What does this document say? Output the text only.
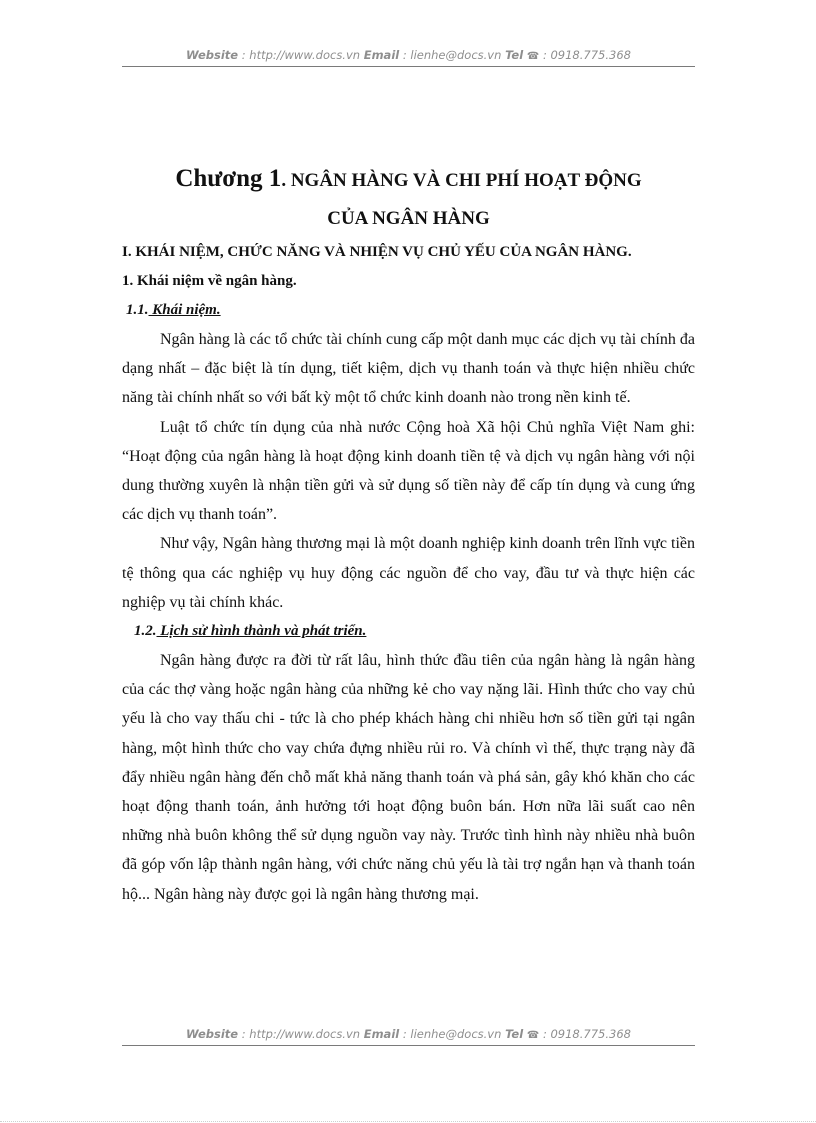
Website : http://www.docs.vn Email : lienhe@docs.vn Tel ☎ : 0918.775.368
Chương 1. NGÂN HÀNG VÀ CHI PHÍ HOẠT ĐỘNG
CỦA NGÂN HÀNG

I. KHÁI NIỆM, CHỨC NĂNG VÀ NHIỆN VỤ CHỦ YẾU CỦA NGÂN HÀNG.

1. Khái niệm về ngân hàng.

1.1. Khái niệm.

Ngân hàng là các tổ chức tài chính cung cấp một danh mục các dịch vụ tài chính đa dạng nhất – đặc biệt là tín dụng, tiết kiệm, dịch vụ thanh toán và thực hiện nhiều chức năng tài chính nhất so với bất kỳ một tổ chức kinh doanh nào trong nền kinh tế.

Luật tổ chức tín dụng của nhà nước Cộng hoà Xã hội Chủ nghĩa Việt Nam ghi: “Hoạt động của ngân hàng là hoạt động kinh doanh tiền tệ và dịch vụ ngân hàng với nội dung thường xuyên là nhận tiền gửi và sử dụng số tiền này để cấp tín dụng và cung ứng các dịch vụ thanh toán”.

Như vậy, Ngân hàng thương mại là một doanh nghiệp kinh doanh trên lĩnh vực tiền tệ thông qua các nghiệp vụ huy động các nguồn để cho vay, đầu tư và thực hiện các nghiệp vụ tài chính khác.

1.2. Lịch sử hình thành và phát triển.

Ngân hàng được ra đời từ rất lâu, hình thức đầu tiên của ngân hàng là ngân hàng của các thợ vàng hoặc ngân hàng của những kẻ cho vay nặng lãi. Hình thức cho vay chủ yếu là cho vay thấu chi - tức là cho phép khách hàng chi nhiều hơn số tiền gửi tại ngân hàng, một hình thức cho vay chứa đựng nhiều rủi ro. Và chính vì thế, thực trạng này đã đẩy nhiều ngân hàng đến chỗ mất khả năng thanh toán và phá sản, gây khó khăn cho các hoạt động thanh toán, ảnh hưởng tới hoạt động buôn bán. Hơn nữa lãi suất cao nên những nhà buôn không thể sử dụng nguồn vay này. Trước tình hình này nhiều nhà buôn đã góp vốn lập thành ngân hàng, với chức năng chủ yếu là tài trợ ngắn hạn và thanh toán hộ... Ngân hàng này được gọi là ngân hàng thương mại.

Website : http://www.docs.vn Email : lienhe@docs.vn Tel ☎ : 0918.775.368
